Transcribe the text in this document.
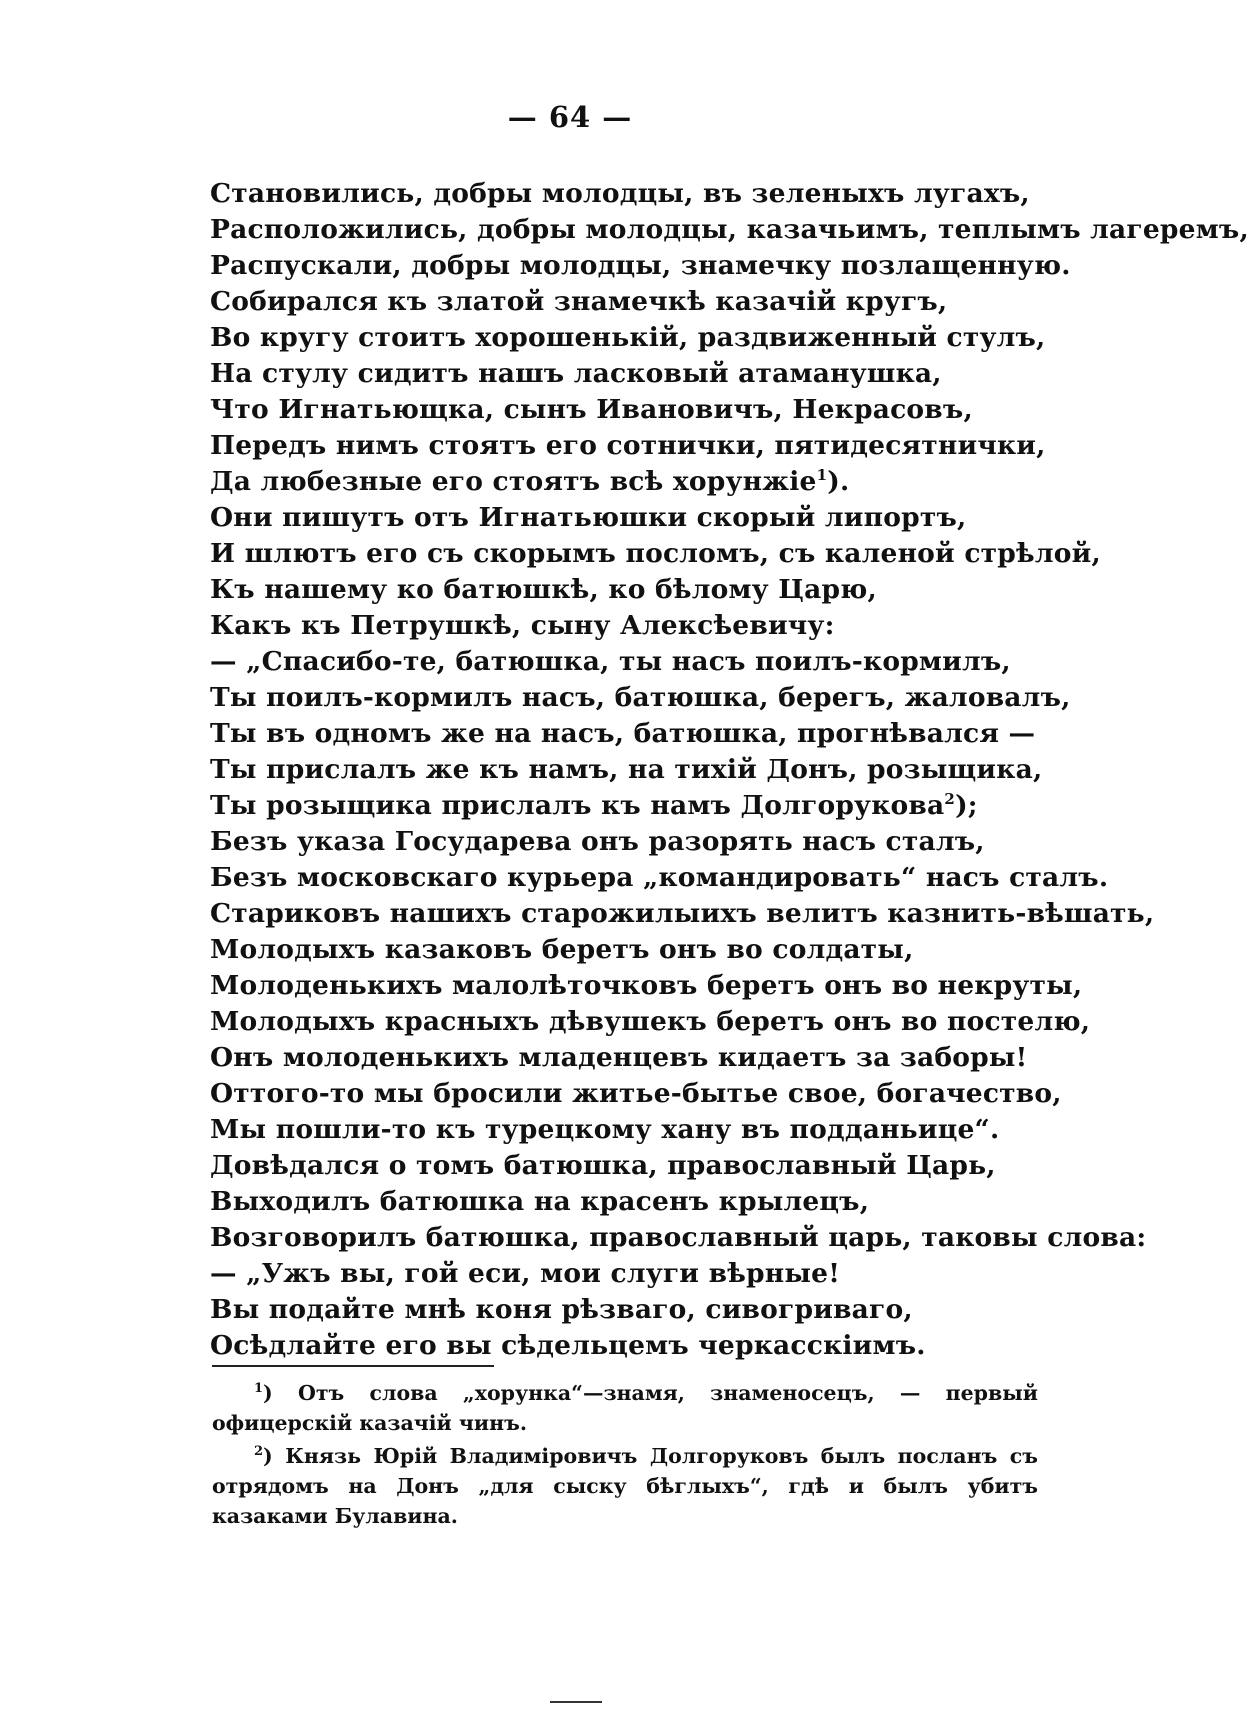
— 64 —
Становились, добры молодцы, въ зеленыхъ лугахъ,
Расположились, добры молодцы, казачьимъ, теплымъ лагеремъ,
Распускали, добры молодцы, знамечку позлащенную.
Собирался къ златой знамечкѣ казачій кругъ,
Во кругу стоитъ хорошенькій, раздвиженный стулъ,
На стулу сидитъ нашъ ласковый атаманушка,
Что Игнатьющка, сынъ Ивановичъ, Некрасовъ,
Передъ нимъ стоятъ его сотнички, пятидесятнички,
Да любезные его стоятъ всѣ хорунжіе$^1$).
Они пишутъ отъ Игнатьюшки скорый липортъ,
И шлютъ его съ скорымъ посломъ, съ каленой стрѣлой,
Къ нашему ко батюшкѣ, ко бѣлому Царю,
Какъ къ Петрушкѣ, сыну Алексѣевичу:
— „Спасибо-те, батюшка, ты насъ поилъ-кормилъ,
Ты поилъ-кормилъ насъ, батюшка, берегъ, жаловалъ,
Ты въ одномъ же на насъ, батюшка, прогнѣвался —
Ты прислалъ же къ намъ, на тихій Донъ, розыщика,
Ты розыщика прислалъ къ намъ Долгорукова$^2$);
Безъ указа Государева онъ разорять насъ сталъ,
Безъ московскаго курьера „командировать“ насъ сталъ.
Стариковъ нашихъ старожилыихъ велитъ казнить-вѣшать,
Молодыхъ казаковъ беретъ онъ во солдаты,
Молоденькихъ малолѣточковъ беретъ онъ во некруты,
Молодыхъ красныхъ дѣвушекъ беретъ онъ во постелю,
Онъ молоденькихъ младенцевъ кидаетъ за заборы!
Оттого-то мы бросили житье-бытье свое, богачество,
Мы пошли-то къ турецкому хану въ подданьице“.
Довѣдался о томъ батюшка, православный Царь,
Выходилъ батюшка на красенъ крылецъ,
Возговорилъ батюшка, православный царь, таковы слова:
— „Ужъ вы, гой еси, мои слуги вѣрные!
Вы подайте мнѣ коня рѣзваго, сивогриваго,
Осѣдлайте его вы сѣдельцемъ черкасскіимъ.

$^1$) Отъ слова „хорунка“—знамя, знаменосецъ, — первый офицерскій казачій чинъ.

$^2$) Князь Юрій Владиміровичъ Долгоруковъ былъ посланъ съ отрядомъ на Донъ „для сыску бѣглыхъ“, гдѣ и былъ убитъ казаками Булавина.
